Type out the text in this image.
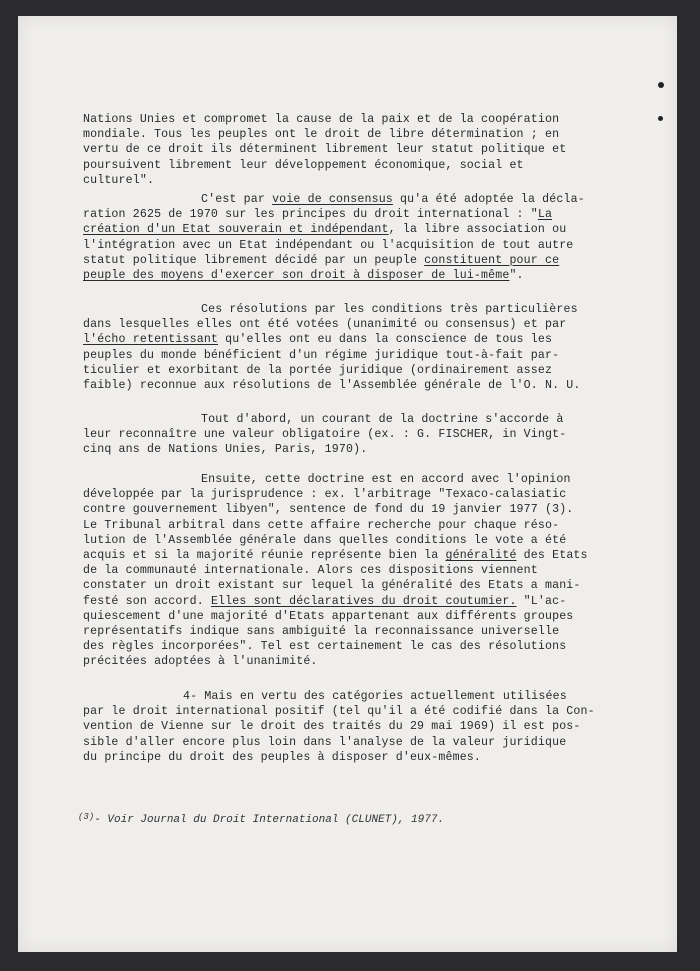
Nations Unies et compromet la cause de la paix et de la coopération
mondiale. Tous les peuples ont le droit de libre détermination ; en
vertu de ce droit ils déterminent librement leur statut politique et
poursuivent librement leur développement économique, social et
culturel".
C'est par voie de consensus qu'a été adoptée la décla-
ration 2625 de 1970 sur les principes du droit international : "La
création d'un Etat souverain et indépendant, la libre association ou
l'intégration avec un Etat indépendant ou l'acquisition de tout autre
statut politique librement décidé par un peuple constituent pour ce
peuple des moyens d'exercer son droit à disposer de lui-même".
Ces résolutions par les conditions très particulières
dans lesquelles elles ont été votées (unanimité ou consensus) et par
l'écho retentissant qu'elles ont eu dans la conscience de tous les
peuples du monde bénéficient d'un régime juridique tout-à-fait par-
ticulier et exorbitant de la portée juridique (ordinairement assez
faible) reconnue aux résolutions de l'Assemblée générale de l'O. N. U.
Tout d'abord, un courant de la doctrine s'accorde à
leur reconnaître une valeur obligatoire (ex. : G. FISCHER, in Vingt-
cinq ans de Nations Unies, Paris, 1970).
Ensuite, cette doctrine est en accord avec l'opinion
développée par la jurisprudence : ex. l'arbitrage "Texaco-calasiatic
contre gouvernement libyen", sentence de fond du 19 janvier 1977 (3).
Le Tribunal arbitral dans cette affaire recherche pour chaque réso-
lution de l'Assemblée générale dans quelles conditions le vote a été
acquis et si la majorité réunie représente bien la généralité des Etats
de la communauté internationale. Alors ces dispositions viennent
constater un droit existant sur lequel la généralité des Etats a mani-
festé son accord. Elles sont déclaratives du droit coutumier. "L'ac-
quiescement d'une majorité d'Etats appartenant aux différents groupes
représentatifs indique sans ambiguité la reconnaissance universelle
des règles incorporées". Tel est certainement le cas des résolutions
précitées adoptées à l'unanimité.
4- Mais en vertu des catégories actuellement utilisées
par le droit international positif (tel qu'il a été codifié dans la Con-
vention de Vienne sur le droit des traités du 29 mai 1969) il est pos-
sible d'aller encore plus loin dans l'analyse de la valeur juridique
du principe du droit des peuples à disposer d'eux-mêmes.
$^{(3)}$- Voir Journal du Droit International (CLUNET), 1977.
